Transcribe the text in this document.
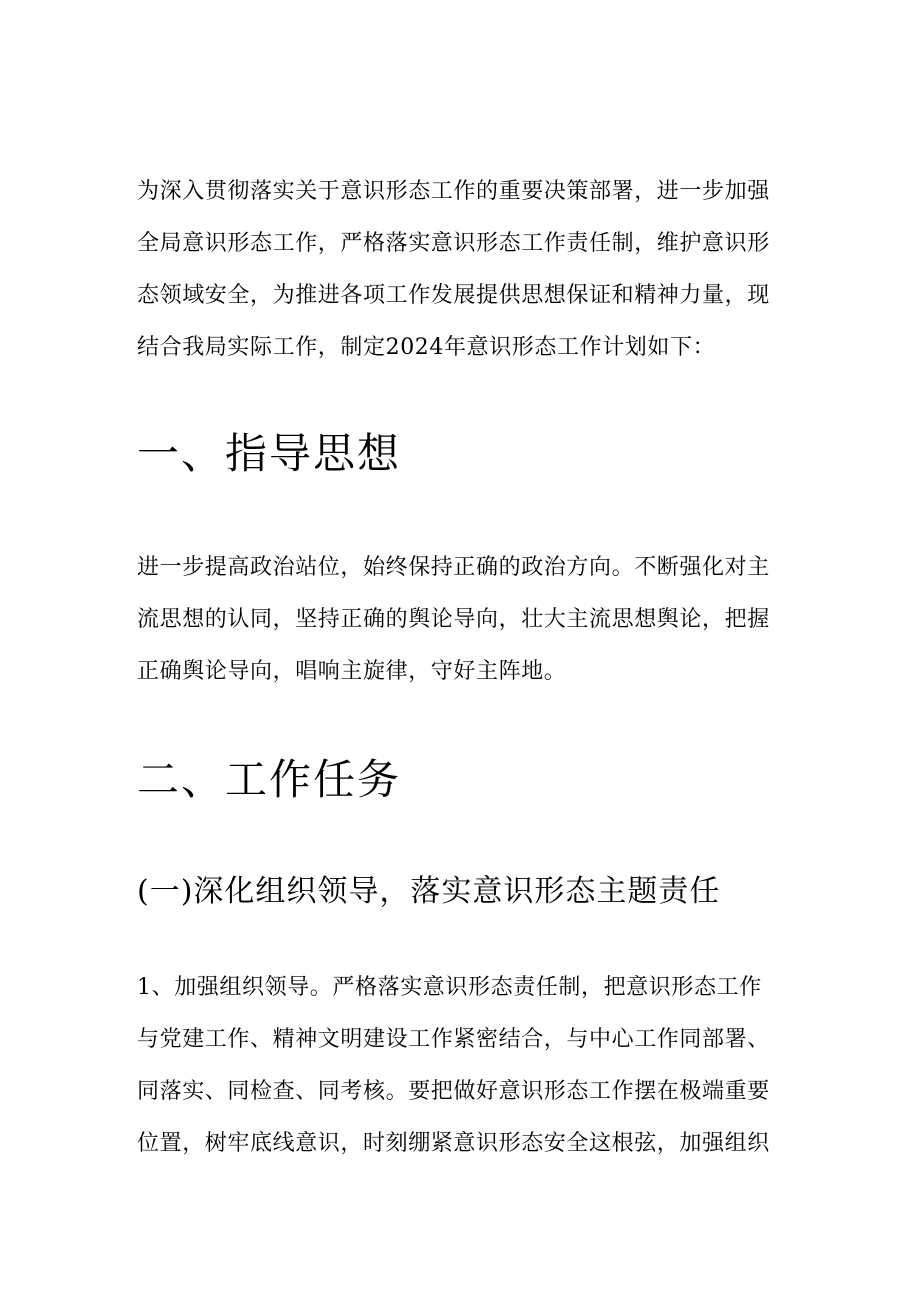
为深入贯彻落实关于意识形态工作的重要决策部署，进一步加强
全局意识形态工作，严格落实意识形态工作责任制，维护意识形
态领域安全，为推进各项工作发展提供思想保证和精神力量，现
结合我局实际工作，制定2024年意识形态工作计划如下：
一、指导思想
进一步提高政治站位，始终保持正确的政治方向。不断强化对主
流思想的认同，坚持正确的舆论导向，壮大主流思想舆论，把握
正确舆论导向，唱响主旋律，守好主阵地。
二、工作任务
(一)深化组织领导，落实意识形态主题责任
1、加强组织领导。严格落实意识形态责任制，把意识形态工作
与党建工作、精神文明建设工作紧密结合，与中心工作同部署、
同落实、同检查、同考核。要把做好意识形态工作摆在极端重要
位置，树牢底线意识，时刻绷紧意识形态安全这根弦，加强组织
